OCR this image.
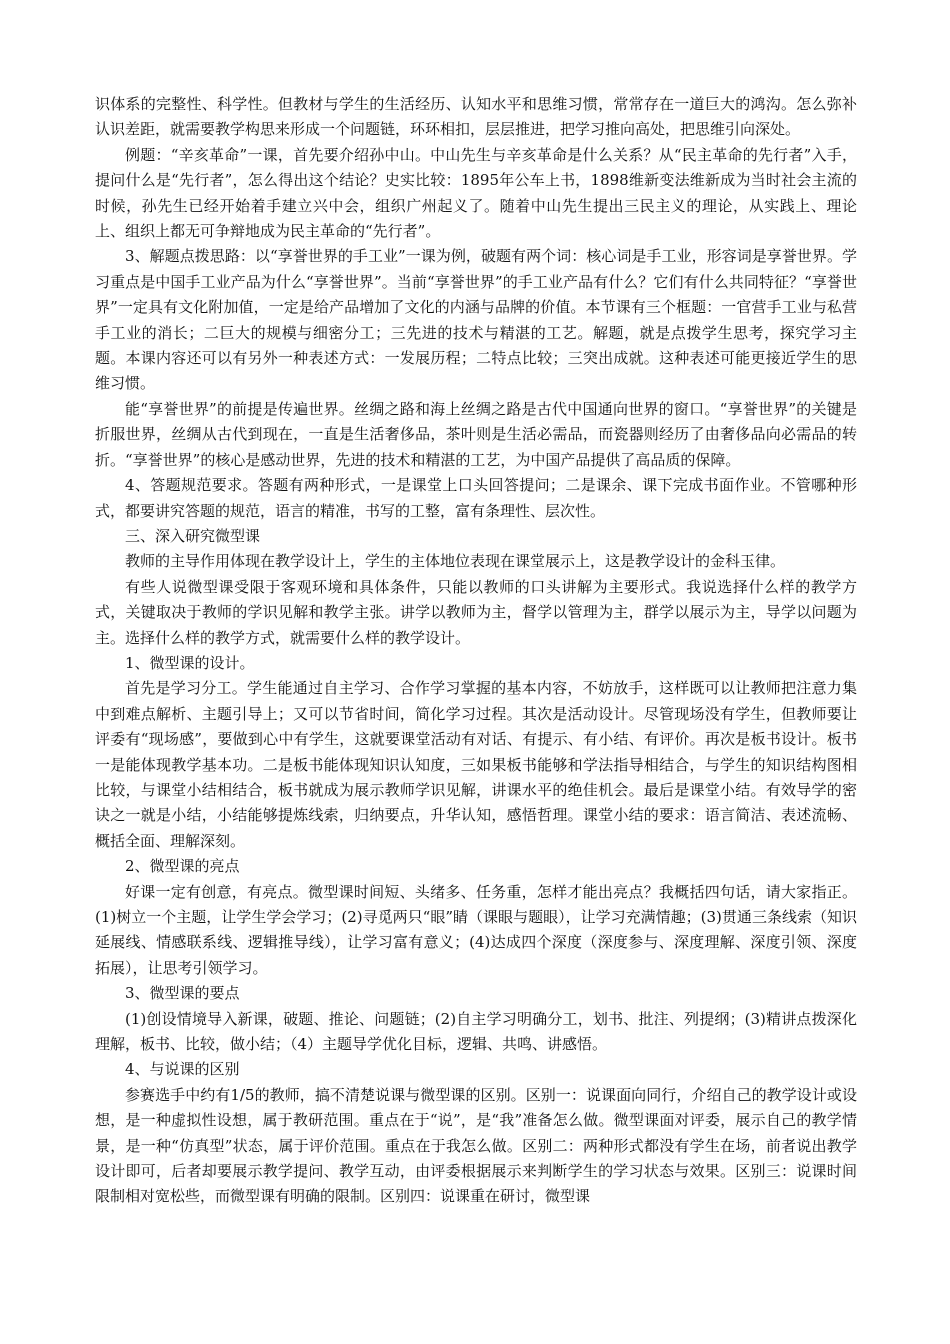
识体系的完整性、科学性。但教材与学生的生活经历、认知水平和思维习惯，常常存在一道巨大的鸿沟。怎么弥补认识差距，就需要教学构思来形成一个问题链，环环相扣，层层推进，把学习推向高处，把思维引向深处。

例题：“辛亥革命”一课，首先要介绍孙中山。中山先生与辛亥革命是什么关系？从“民主革命的先行者”入手，提问什么是“先行者”，怎么得出这个结论？史实比较：1895年公车上书，1898维新变法维新成为当时社会主流的时候，孙先生已经开始着手建立兴中会，组织广州起义了。随着中山先生提出三民主义的理论，从实践上、理论上、组织上都无可争辩地成为民主革命的“先行者”。

3、解题点拨思路：以“享誉世界的手工业”一课为例，破题有两个词：核心词是手工业，形容词是享誉世界。学习重点是中国手工业产品为什么“享誉世界”。当前“享誉世界”的手工业产品有什么？它们有什么共同特征？“享誉世界”一定具有文化附加值，一定是给产品增加了文化的内涵与品牌的价值。本节课有三个框题：一官营手工业与私营手工业的消长；二巨大的规模与细密分工；三先进的技术与精湛的工艺。解题，就是点拨学生思考，探究学习主题。本课内容还可以有另外一种表述方式：一发展历程；二特点比较；三突出成就。这种表述可能更接近学生的思维习惯。

能“享誉世界”的前提是传遍世界。丝绸之路和海上丝绸之路是古代中国通向世界的窗口。“享誉世界”的关键是折服世界，丝绸从古代到现在，一直是生活奢侈品，茶叶则是生活必需品，而瓷器则经历了由奢侈品向必需品的转折。“享誉世界”的核心是感动世界，先进的技术和精湛的工艺，为中国产品提供了高品质的保障。

4、答题规范要求。答题有两种形式，一是课堂上口头回答提问；二是课余、课下完成书面作业。不管哪种形式，都要讲究答题的规范，语言的精准，书写的工整，富有条理性、层次性。

三、深入研究微型课

教师的主导作用体现在教学设计上，学生的主体地位表现在课堂展示上，这是教学设计的金科玉律。

有些人说微型课受限于客观环境和具体条件，只能以教师的口头讲解为主要形式。我说选择什么样的教学方式，关键取决于教师的学识见解和教学主张。讲学以教师为主，督学以管理为主，群学以展示为主，导学以问题为主。选择什么样的教学方式，就需要什么样的教学设计。

1、微型课的设计。

首先是学习分工。学生能通过自主学习、合作学习掌握的基本内容，不妨放手，这样既可以让教师把注意力集中到难点解析、主题引导上；又可以节省时间，简化学习过程。其次是活动设计。尽管现场没有学生，但教师要让评委有“现场感”，要做到心中有学生，这就要课堂活动有对话、有提示、有小结、有评价。再次是板书设计。板书一是能体现教学基本功。二是板书能体现知识认知度，三如果板书能够和学法指导相结合，与学生的知识结构图相比较，与课堂小结相结合，板书就成为展示教师学识见解，讲课水平的绝佳机会。最后是课堂小结。有效导学的密诀之一就是小结，小结能够提炼线索，归纳要点，升华认知，感悟哲理。课堂小结的要求：语言简洁、表述流畅、概括全面、理解深刻。

2、微型课的亮点

好课一定有创意，有亮点。微型课时间短、头绪多、任务重，怎样才能出亮点？我概括四句话，请大家指正。(1)树立一个主题，让学生学会学习；(2)寻觅两只“眼”睛（课眼与题眼），让学习充满情趣；(3)贯通三条线索（知识延展线、情感联系线、逻辑推导线），让学习富有意义；(4)达成四个深度（深度参与、深度理解、深度引领、深度拓展），让思考引领学习。

3、微型课的要点

(1)创设情境导入新课，破题、推论、问题链；(2)自主学习明确分工，划书、批注、列提纲；(3)精讲点拨深化理解，板书、比较，做小结；（4）主题导学优化目标，逻辑、共鸣、讲感悟。

4、与说课的区别

参赛选手中约有1/5的教师，搞不清楚说课与微型课的区别。区别一：说课面向同行，介绍自己的教学设计或设想，是一种虚拟性设想，属于教研范围。重点在于“说”，是“我”准备怎么做。微型课面对评委，展示自己的教学情景，是一种“仿真型”状态，属于评价范围。重点在于我怎么做。区别二：两种形式都没有学生在场，前者说出教学设计即可，后者却要展示教学提问、教学互动，由评委根据展示来判断学生的学习状态与效果。区别三：说课时间限制相对宽松些，而微型课有明确的限制。区别四：说课重在研讨，微型课
